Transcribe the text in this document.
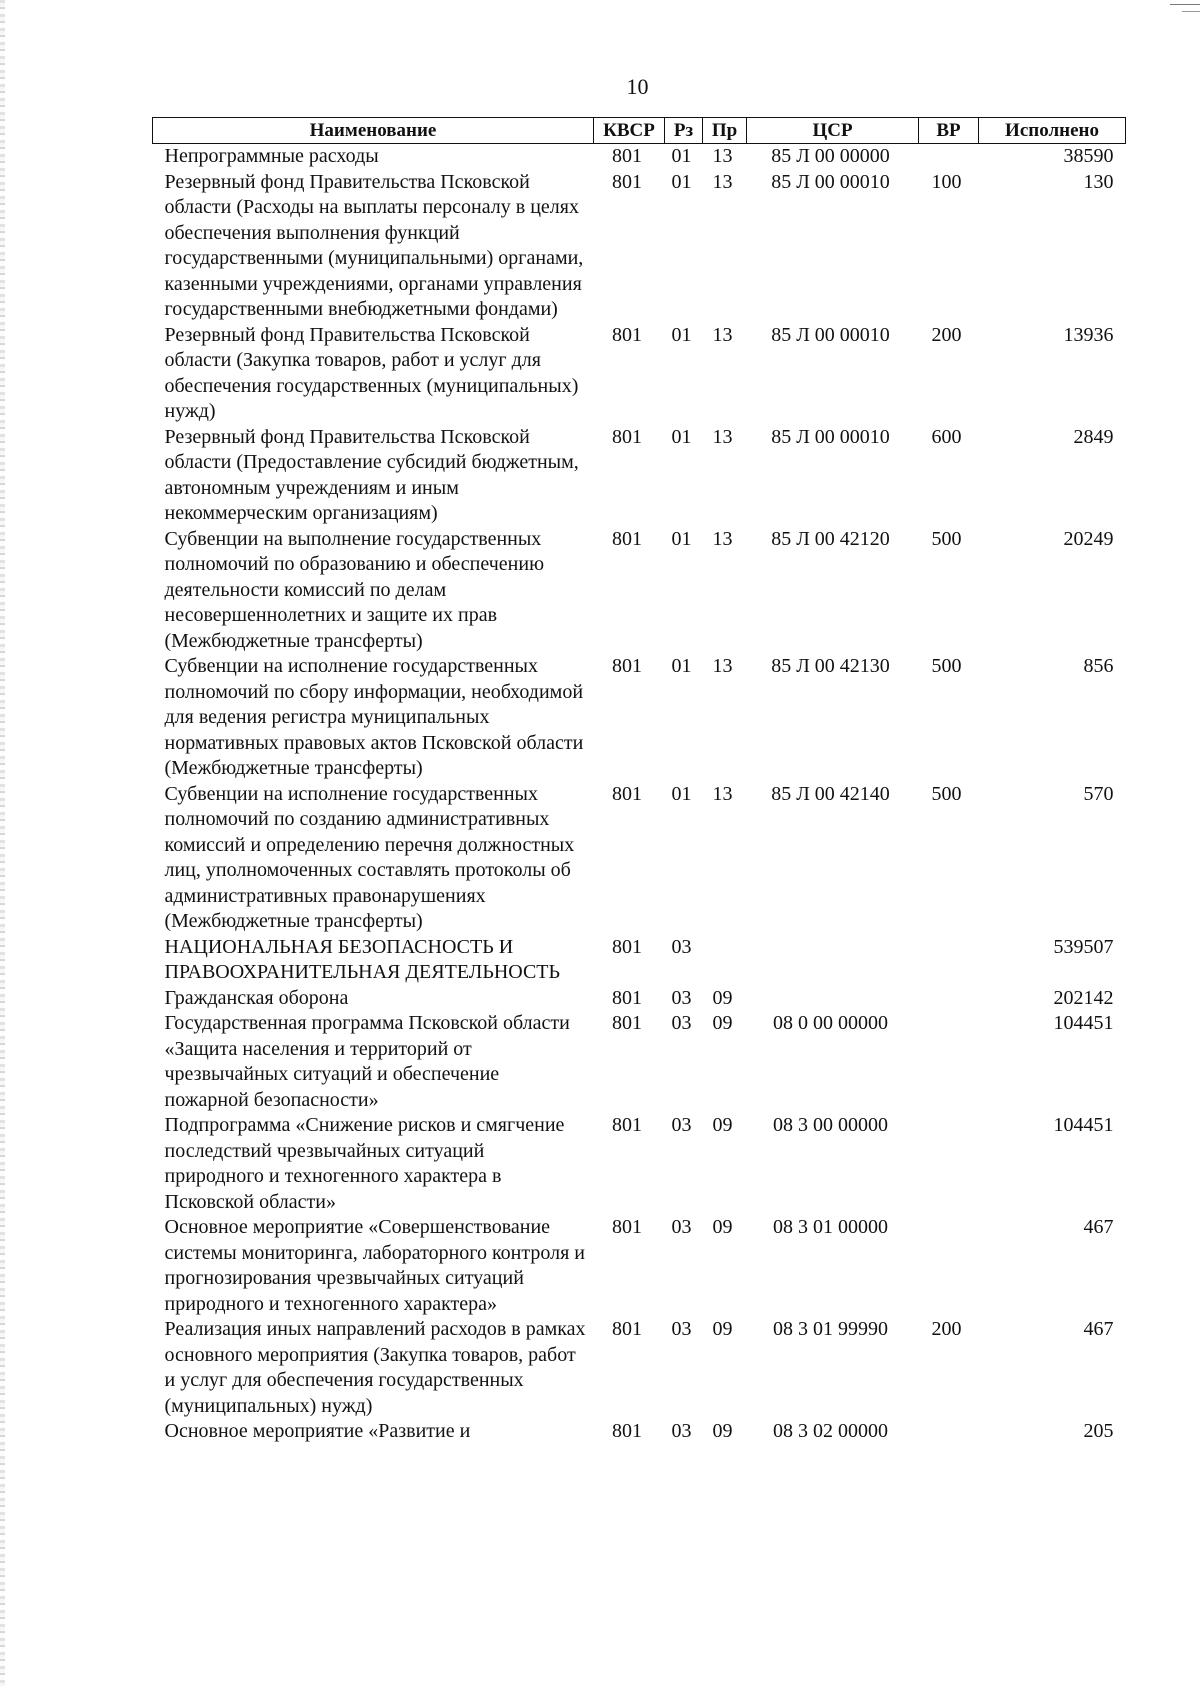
10
Наименование	КВСР	Рз	Пр	ЦСР	ВР	Исполнено
Непрограммные расходы	801	01	13	85 Л 00 00000		38590
Резервный фонд Правительства Псковской области (Расходы на выплаты персоналу в целях обеспечения выполнения функций государственными (муниципальными) органами, казенными учреждениями, органами управления государственными внебюджетными фондами)	801	01	13	85 Л 00 00010	100	130
Резервный фонд Правительства Псковской области (Закупка товаров, работ и услуг для обеспечения государственных (муниципальных) нужд)	801	01	13	85 Л 00 00010	200	13936
Резервный фонд Правительства Псковской области (Предоставление субсидий бюджетным, автономным учреждениям и иным некоммерческим организациям)	801	01	13	85 Л 00 00010	600	2849
Субвенции на выполнение государственных полномочий по образованию и обеспечению деятельности комиссий по делам несовершеннолетних и защите их прав (Межбюджетные трансферты)	801	01	13	85 Л 00 42120	500	20249
Субвенции на исполнение государственных полномочий по сбору информации, необходимой для ведения регистра муниципальных нормативных правовых актов Псковской области (Межбюджетные трансферты)	801	01	13	85 Л 00 42130	500	856
Субвенции на исполнение государственных полномочий по созданию административных комиссий и определению перечня должностных лиц, уполномоченных составлять протоколы об административных правонарушениях (Межбюджетные трансферты)	801	01	13	85 Л 00 42140	500	570
НАЦИОНАЛЬНАЯ БЕЗОПАСНОСТЬ И ПРАВООХРАНИТЕЛЬНАЯ ДЕЯТЕЛЬНОСТЬ	801	03				539507
Гражданская оборона	801	03	09			202142
Государственная программа Псковской области «Защита населения и территорий от чрезвычайных ситуаций и обеспечение пожарной безопасности»	801	03	09	08 0 00 00000		104451
Подпрограмма «Снижение рисков и смягчение последствий чрезвычайных ситуаций природного и техногенного характера в Псковской области»	801	03	09	08 3 00 00000		104451
Основное мероприятие «Совершенствование системы мониторинга, лабораторного контроля и прогнозирования чрезвычайных ситуаций природного и техногенного характера»	801	03	09	08 3 01 00000		467
Реализация иных направлений расходов в рамках основного мероприятия (Закупка товаров, работ и услуг для обеспечения государственных (муниципальных) нужд)	801	03	09	08 3 01 99990	200	467
Основное мероприятие «Развитие и	801	03	09	08 3 02 00000		205
